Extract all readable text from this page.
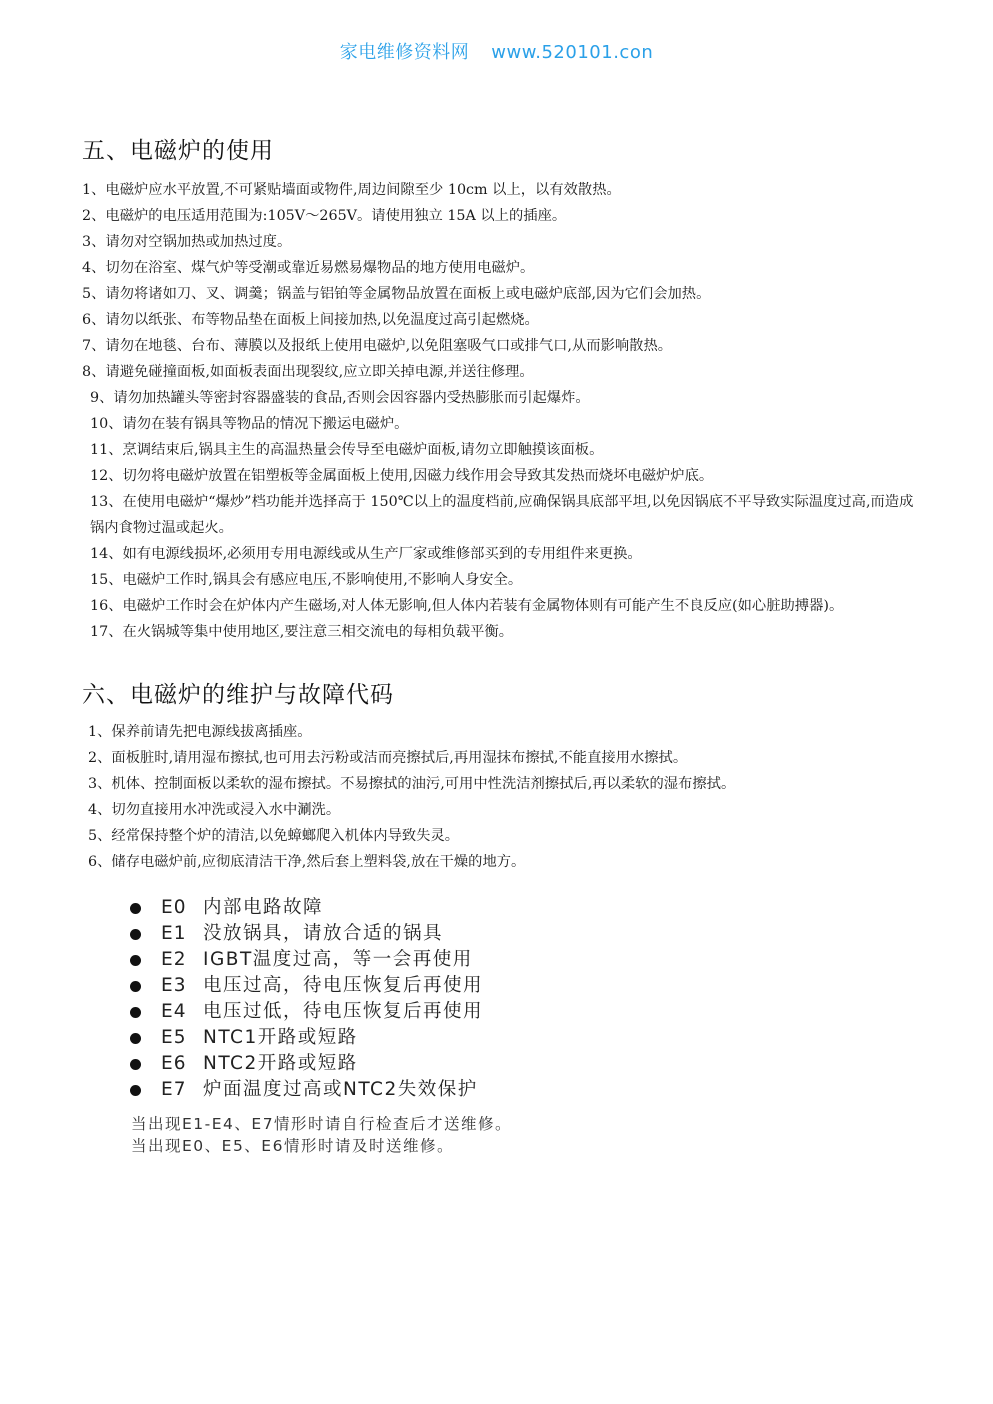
家电维修资料网 www.520101.con
五、电磁炉的使用
1、电磁炉应水平放置,不可紧贴墙面或物件,周边间隙至少 10cm 以上，以有效散热。
2、电磁炉的电压适用范围为:105V～265V。请使用独立 15A 以上的插座。
3、请勿对空锅加热或加热过度。
4、切勿在浴室、煤气炉等受潮或靠近易燃易爆物品的地方使用电磁炉。
5、请勿将诸如刀、叉、调羹；锅盖与铝铂等金属物品放置在面板上或电磁炉底部,因为它们会加热。
6、请勿以纸张、布等物品垫在面板上间接加热,以免温度过高引起燃烧。
7、请勿在地毯、台布、薄膜以及报纸上使用电磁炉,以免阻塞吸气口或排气口,从而影响散热。
8、请避免碰撞面板,如面板表面出现裂纹,应立即关掉电源,并送往修理。
9、请勿加热罐头等密封容器盛装的食品,否则会因容器内受热膨胀而引起爆炸。
10、请勿在装有锅具等物品的情况下搬运电磁炉。
11、烹调结束后,锅具主生的高温热量会传导至电磁炉面板,请勿立即触摸该面板。
12、切勿将电磁炉放置在铝塑板等金属面板上使用,因磁力线作用会导致其发热而烧坏电磁炉炉底。
13、在使用电磁炉“爆炒”档功能并选择高于 150℃以上的温度档前,应确保锅具底部平坦,以免因锅底不平导致实际温度过高,而造成锅内食物过温或起火。
14、如有电源线损坏,必须用专用电源线或从生产厂家或维修部买到的专用组件来更换。
15、电磁炉工作时,锅具会有感应电压,不影响使用,不影响人身安全。
16、电磁炉工作时会在炉体内产生磁场,对人体无影响,但人体内若装有金属物体则有可能产生不良反应(如心脏助搏器)。
17、在火锅城等集中使用地区,要注意三相交流电的每相负载平衡。
六、电磁炉的维护与故障代码
1、保养前请先把电源线拔离插座。
2、面板脏时,请用湿布擦拭,也可用去污粉或洁而亮擦拭后,再用湿抹布擦拭,不能直接用水擦拭。
3、机体、控制面板以柔软的湿布擦拭。不易擦拭的油污,可用中性洗洁剂擦拭后,再以柔软的湿布擦拭。
4、切勿直接用水冲洗或浸入水中涮洗。
5、经常保持整个炉的清洁,以免蟑螂爬入机体内导致失灵。
6、储存电磁炉前,应彻底清洁干净,然后套上塑料袋,放在干燥的地方。
E0 内部电路故障
E1 没放锅具，请放合适的锅具
E2 IGBT温度过高，等一会再使用
E3 电压过高，待电压恢复后再使用
E4 电压过低，待电压恢复后再使用
E5 NTC1开路或短路
E6 NTC2开路或短路
E7 炉面温度过高或NTC2失效保护

当出现E1-E4、E7情形时请自行检查后才送维修。

当出现E0、E5、E6情形时请及时送维修。
